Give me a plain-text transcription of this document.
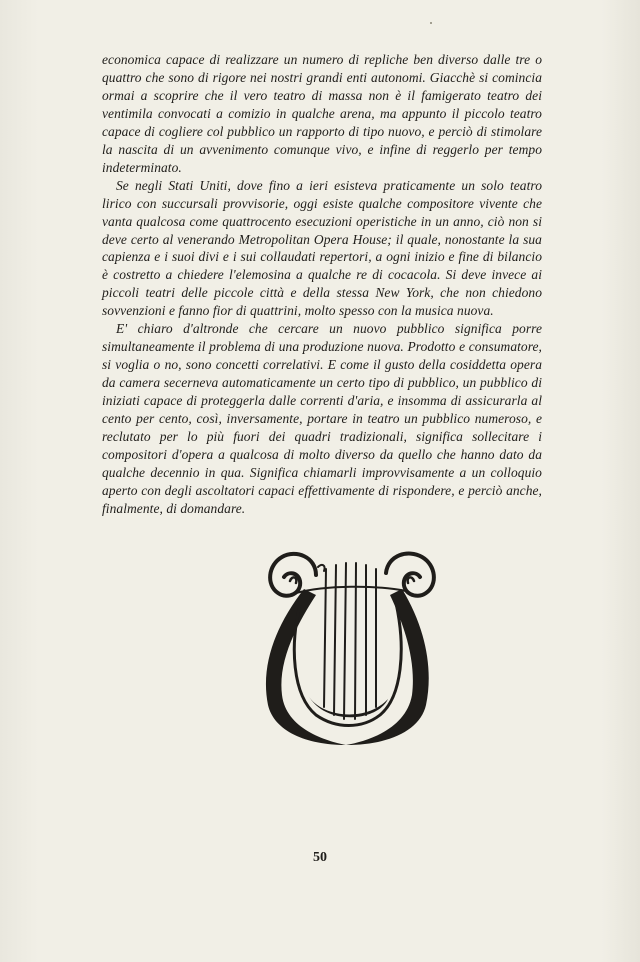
economica capace di realizzare un numero di repliche ben diverso dalle tre o quattro che sono di rigore nei nostri grandi enti autonomi. Giacchè si comincia ormai a scoprire che il vero teatro di massa non è il famigerato teatro dei ventimila convocati a comizio in qualche arena, ma appunto il piccolo teatro capace di cogliere col pubblico un rapporto di tipo nuovo, e perciò di stimolare la nascita di un avvenimento comunque vivo, e infine di reggerlo per tempo indeterminato.

Se negli Stati Uniti, dove fino a ieri esisteva praticamente un solo teatro lirico con succursali provvisorie, oggi esiste qualche compositore vivente che vanta qualcosa come quattrocento esecuzioni operistiche in un anno, ciò non si deve certo al venerando Metropolitan Opera House; il quale, nonostante la sua capienza e i suoi divi e i sui collaudati repertori, a ogni inizio e fine di bilancio è costretto a chiedere l'elemosina a qualche re di cocacola. Si deve invece ai piccoli teatri delle piccole città e della stessa New York, che non chiedono sovvenzioni e fanno fior di quattrini, molto spesso con la musica nuova.

E' chiaro d'altronde che cercare un nuovo pubblico significa porre simultaneamente il problema di una produzione nuova. Prodotto e consumatore, si voglia o no, sono concetti correlativi. E come il gusto della cosiddetta opera da camera secerneva automaticamente un certo tipo di pubblico, un pubblico di iniziati capace di proteggerla dalle correnti d'aria, e insomma di assicurarla al cento per cento, così, inversamente, portare in teatro un pubblico numeroso, e reclutato per lo più fuori dei quadri tradizionali, significa sollecitare i compositori d'opera a qualcosa di molto diverso da quello che hanno dato da qualche decennio in qua. Significa chiamarli improvvisamente a un colloquio aperto con degli ascoltatori capaci effettivamente di rispondere, e perciò anche, finalmente, di domandare.

50
